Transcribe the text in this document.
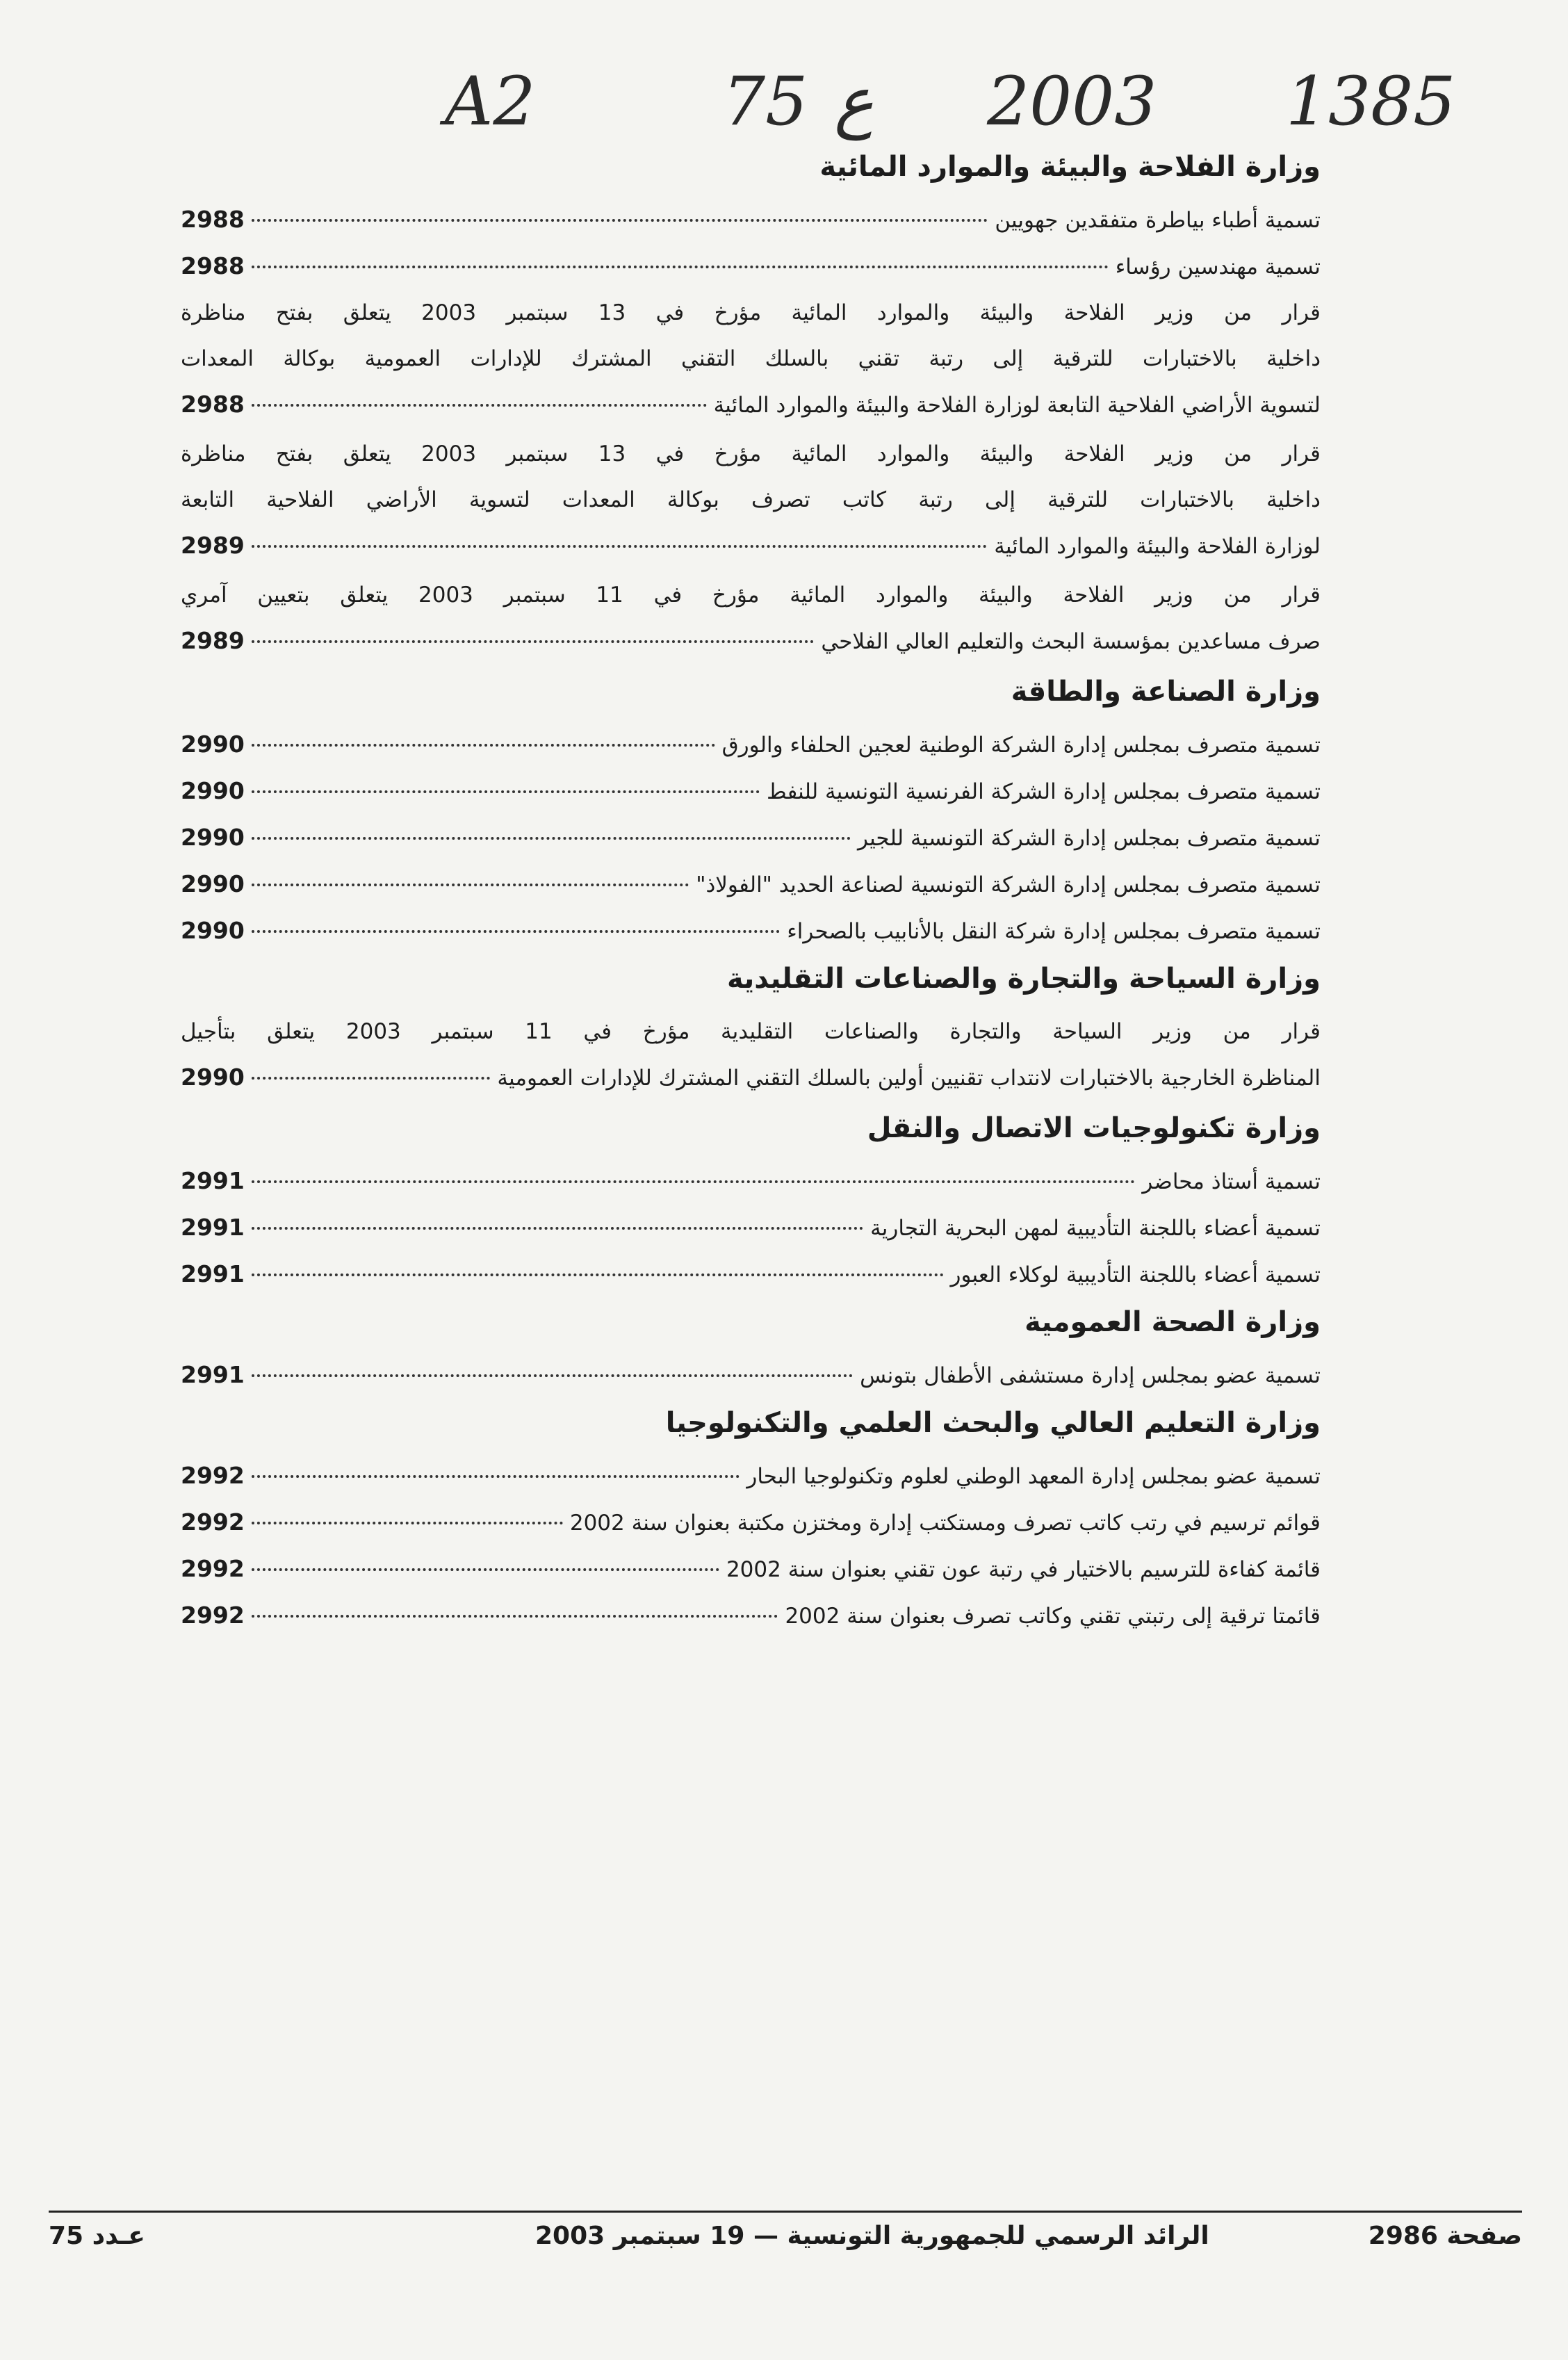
1385
2003
75 ع
A2
وزارة الفلاحة والبيئة والموارد المائية
تسمية أطباء بياطرة متفقدين جهويين
2988
تسمية مهندسين رؤساء
2988
قرار من وزير الفلاحة والبيئة والموارد المائية مؤرخ في 13 سبتمبر 2003 يتعلق بفتح مناظرة
داخلية بالاختبارات للترقية إلى رتبة تقني بالسلك التقني المشترك للإدارات العمومية بوكالة المعدات
لتسوية الأراضي الفلاحية التابعة لوزارة الفلاحة والبيئة والموارد المائية
2988
قرار من وزير الفلاحة والبيئة والموارد المائية مؤرخ في 13 سبتمبر 2003 يتعلق بفتح مناظرة
داخلية بالاختبارات للترقية إلى رتبة كاتب تصرف بوكالة المعدات لتسوية الأراضي الفلاحية التابعة
لوزارة الفلاحة والبيئة والموارد المائية
2989
قرار من وزير الفلاحة والبيئة والموارد المائية مؤرخ في 11 سبتمبر 2003 يتعلق بتعيين آمري
صرف مساعدين بمؤسسة البحث والتعليم العالي الفلاحي
2989
وزارة الصناعة والطاقة
تسمية متصرف بمجلس إدارة الشركة الوطنية لعجين الحلفاء والورق
2990
تسمية متصرف بمجلس إدارة الشركة الفرنسية التونسية للنفط
2990
تسمية متصرف بمجلس إدارة الشركة التونسية للجير
2990
تسمية متصرف بمجلس إدارة الشركة التونسية لصناعة الحديد "الفولاذ"
2990
تسمية متصرف بمجلس إدارة شركة النقل بالأنابيب بالصحراء
2990
وزارة السياحة والتجارة والصناعات التقليدية
قرار من وزير السياحة والتجارة والصناعات التقليدية مؤرخ في 11 سبتمبر 2003 يتعلق بتأجيل
المناظرة الخارجية بالاختبارات لانتداب تقنيين أولين بالسلك التقني المشترك للإدارات العمومية
2990
وزارة تكنولوجيات الاتصال والنقل
تسمية أستاذ محاضر
2991
تسمية أعضاء باللجنة التأديبية لمهن البحرية التجارية
2991
تسمية أعضاء باللجنة التأديبية لوكلاء العبور
2991
وزارة الصحة العمومية
تسمية عضو بمجلس إدارة مستشفى الأطفال بتونس
2991
وزارة التعليم العالي والبحث العلمي والتكنولوجيا
تسمية عضو بمجلس إدارة المعهد الوطني لعلوم وتكنولوجيا البحار
2992
قوائم ترسيم في رتب كاتب تصرف ومستكتب إدارة ومختزن مكتبة بعنوان سنة 2002
2992
قائمة كفاءة للترسيم بالاختيار في رتبة عون تقني بعنوان سنة 2002
2992
قائمتا ترقية إلى رتبتي تقني وكاتب تصرف بعنوان سنة 2002
2992
صفحة 2986
الرائد الرسمي للجمهورية التونسية — 19 سبتمبر 2003
عـدد 75
